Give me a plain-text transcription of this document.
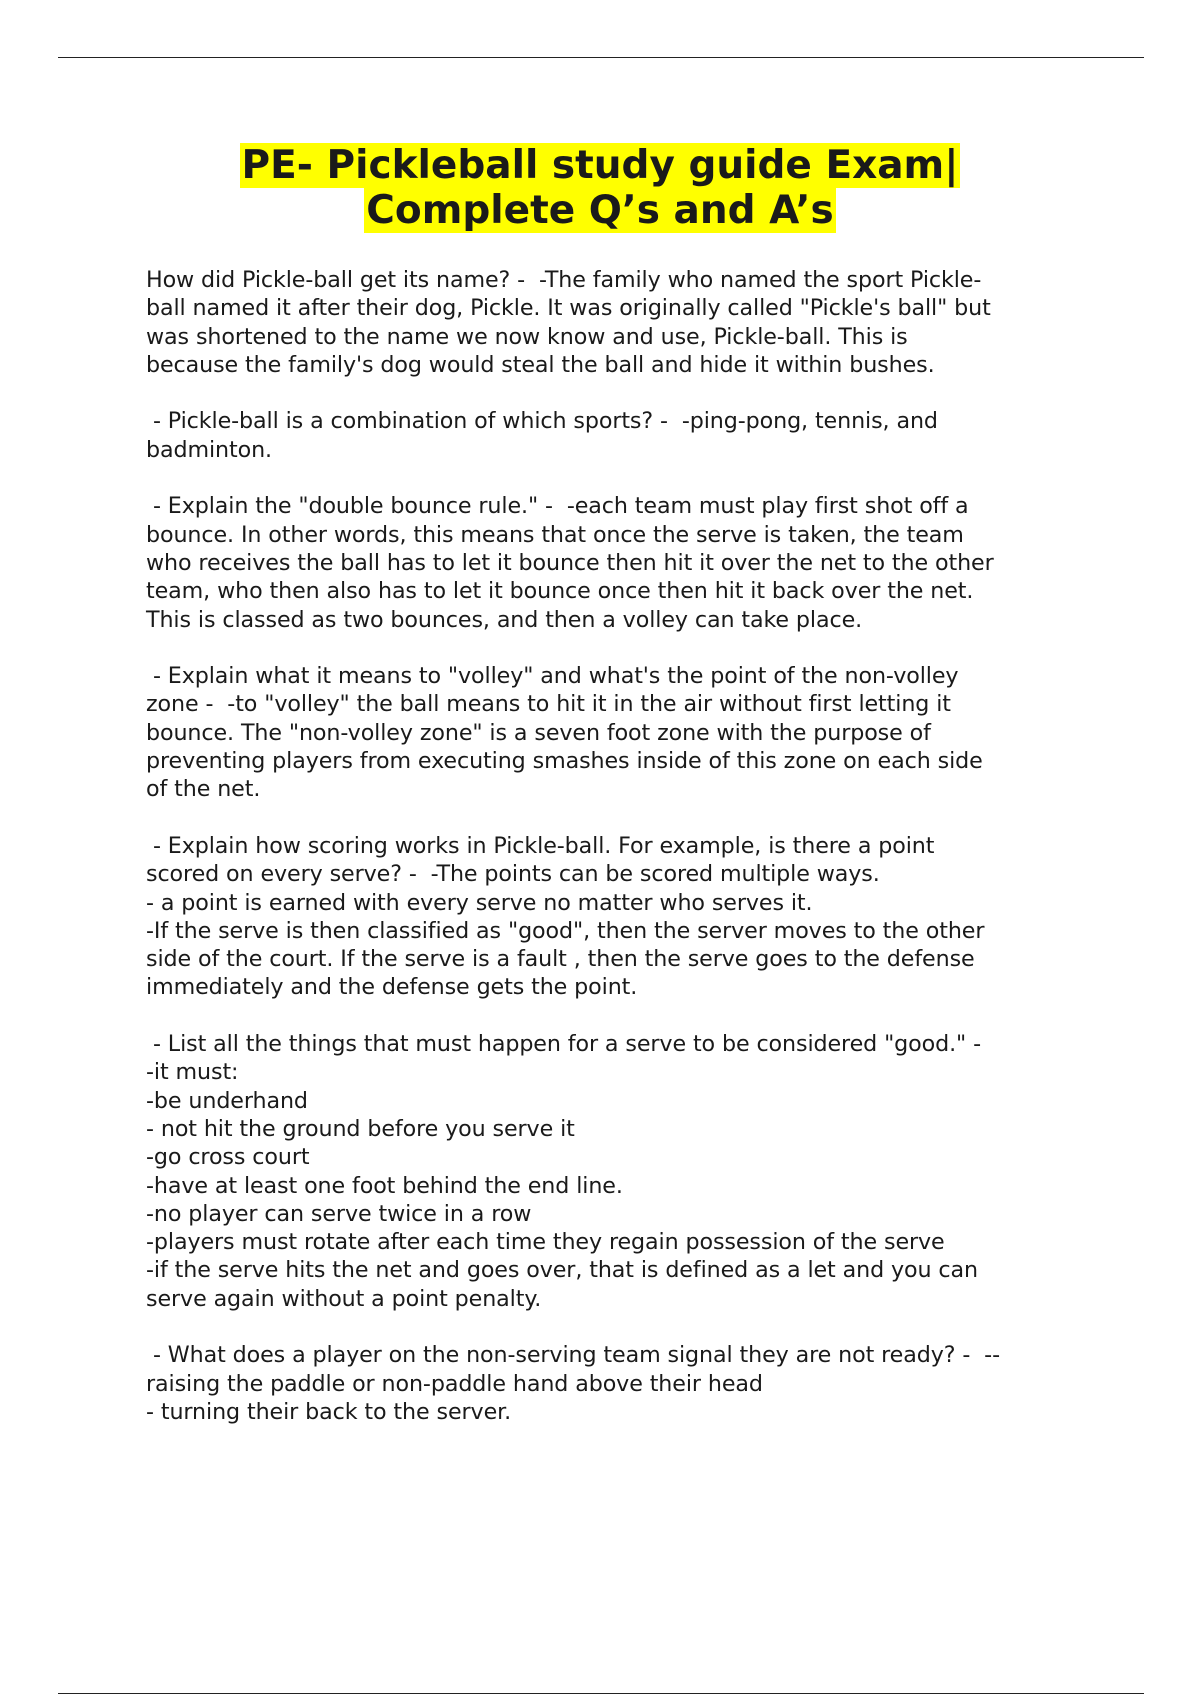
PE- Pickleball study guide Exam|
Complete Q’s and A’s
How did Pickle-ball get its name? -  -The family who named the sport Pickle-
ball named it after their dog, Pickle. It was originally called "Pickle's ball" but
was shortened to the name we now know and use, Pickle-ball. This is
because the family's dog would steal the ball and hide it within bushes.
- Pickle-ball is a combination of which sports? -  -ping-pong, tennis, and
badminton.
- Explain the "double bounce rule." -  -each team must play first shot off a
bounce. In other words, this means that once the serve is taken, the team
who receives the ball has to let it bounce then hit it over the net to the other
team, who then also has to let it bounce once then hit it back over the net.
This is classed as two bounces, and then a volley can take place.
- Explain what it means to "volley" and what's the point of the non-volley
zone -  -to "volley" the ball means to hit it in the air without first letting it
bounce. The "non-volley zone" is a seven foot zone with the purpose of
preventing players from executing smashes inside of this zone on each side
of the net.
- Explain how scoring works in Pickle-ball. For example, is there a point
scored on every serve? -  -The points can be scored multiple ways.
- a point is earned with every serve no matter who serves it.
-If the serve is then classified as "good", then the server moves to the other
side of the court. If the serve is a fault , then the serve goes to the defense
immediately and the defense gets the point.
- List all the things that must happen for a serve to be considered "good." -
-it must:
-be underhand
- not hit the ground before you serve it
-go cross court
-have at least one foot behind the end line.
-no player can serve twice in a row
-players must rotate after each time they regain possession of the serve
-if the serve hits the net and goes over, that is defined as a let and you can
serve again without a point penalty.
- What does a player on the non-serving team signal they are not ready? -  --
raising the paddle or non-paddle hand above their head
- turning their back to the server.
